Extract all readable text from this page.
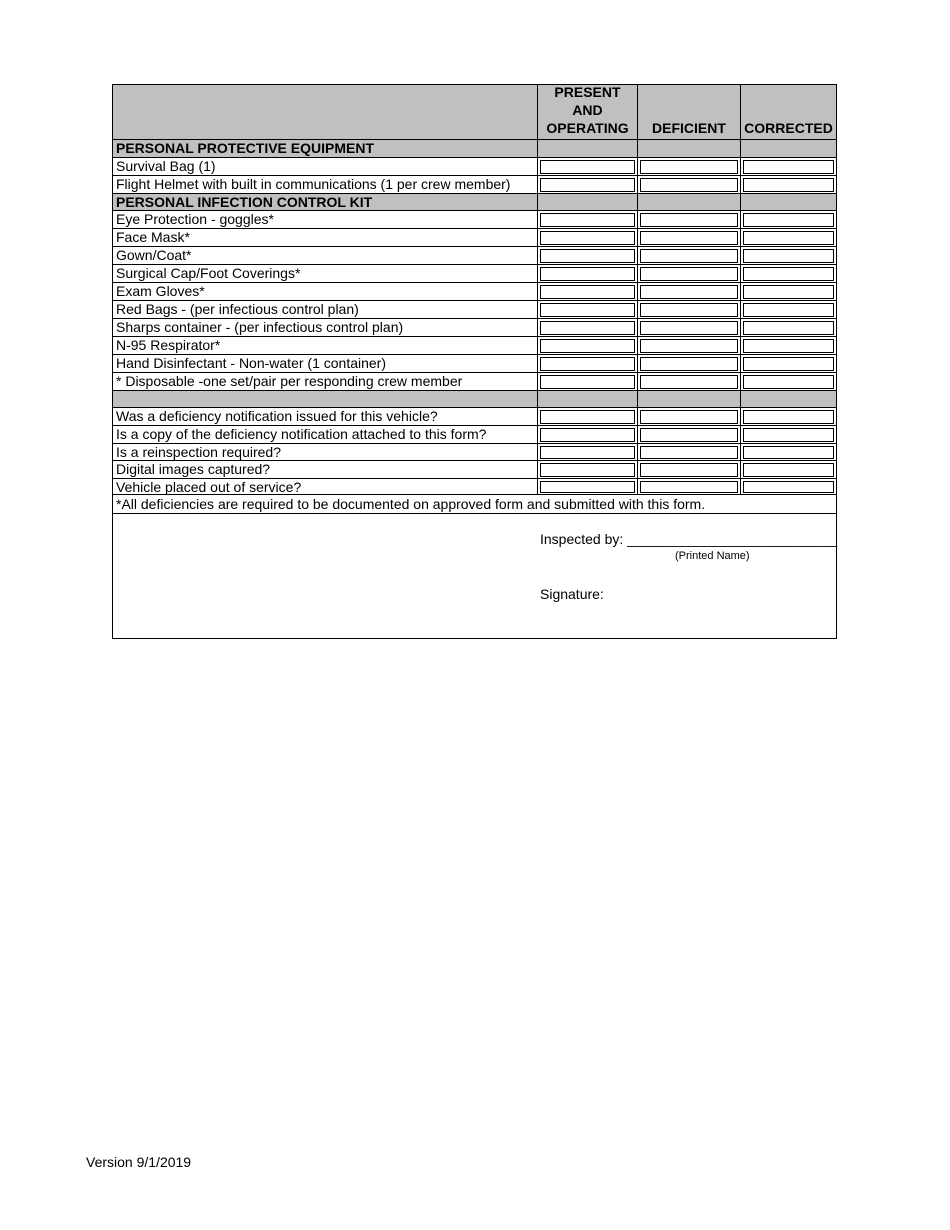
PRESENT
AND
OPERATING DEFICIENT CORRECTED
PERSONAL PROTECTIVE EQUIPMENT
Survival Bag (1)
Flight Helmet with built in communications (1 per crew member)
PERSONAL INFECTION CONTROL KIT
Eye Protection - goggles*
Face Mask*
Gown/Coat*
Surgical Cap/Foot Coverings*
Exam Gloves*
Red Bags - (per infectious control plan)
Sharps container - (per infectious control plan)
N-95 Respirator*
Hand Disinfectant - Non-water (1 container)
* Disposable -one set/pair per responding crew member
Was a deficiency notification issued for this vehicle?
Is a copy of the deficiency notification attached to this form?
Is a reinspection required?
Digital images captured?
Vehicle placed out of service?
*All deficiencies are required to be documented on approved form and submitted with this form.
Inspected by: ___________________________
(Printed Name)
Signature:
Version 9/1/2019
